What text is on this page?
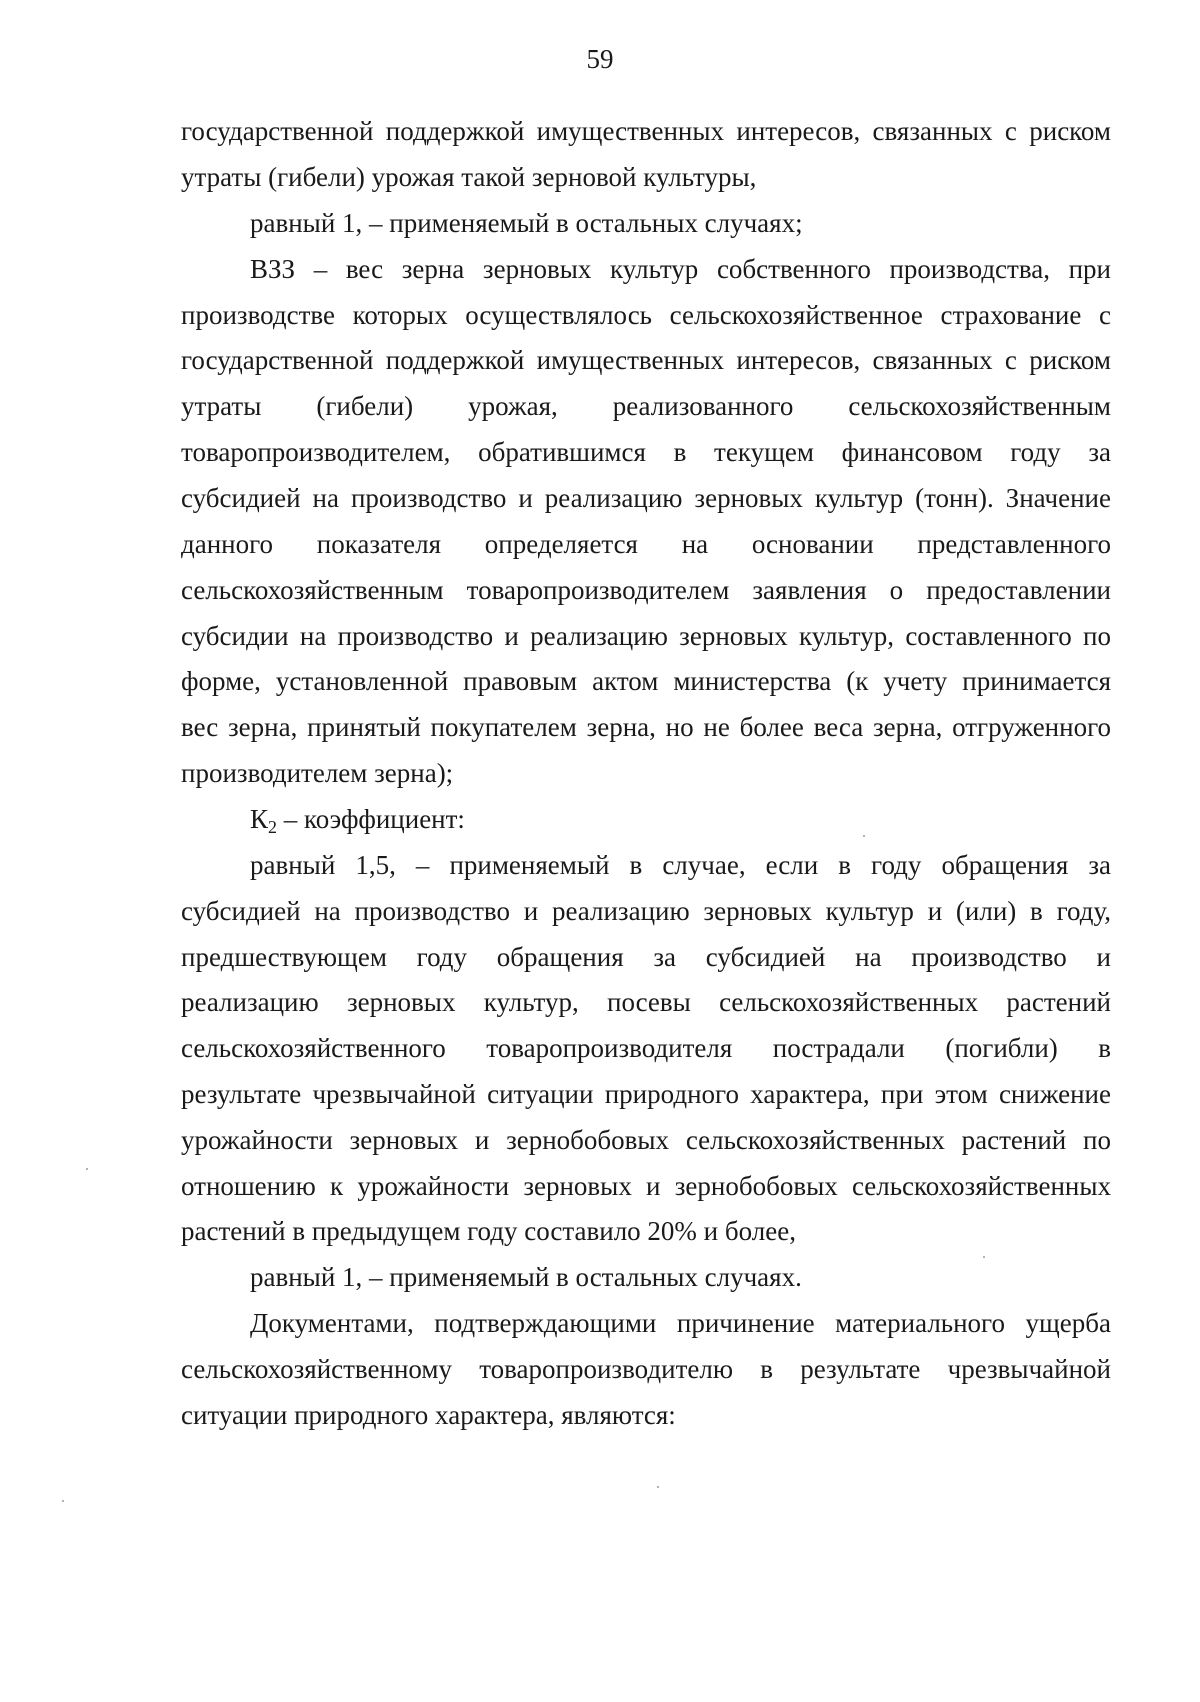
59
государственной поддержкой имущественных интересов, связанных с риском
утраты (гибели) урожая такой зерновой культуры,
равный 1, – применяемый в остальных случаях;
ВЗЗ – вес зерна зерновых культур собственного производства, при
производстве которых осуществлялось сельскохозяйственное страхование с
государственной поддержкой имущественных интересов, связанных с риском
утраты (гибели) урожая, реализованного сельскохозяйственным
товаропроизводителем, обратившимся в текущем финансовом году за
субсидией на производство и реализацию зерновых культур (тонн). Значение
данного показателя определяется на основании представленного
сельскохозяйственным товаропроизводителем заявления о предоставлении
субсидии на производство и реализацию зерновых культур, составленного по
форме, установленной правовым актом министерства (к учету принимается
вес зерна, принятый покупателем зерна, но не более веса зерна, отгруженного
производителем зерна);
$К_2$ – коэффициент:
равный 1,5, – применяемый в случае, если в году обращения за
субсидией на производство и реализацию зерновых культур и (или) в году,
предшествующем году обращения за субсидией на производство и
реализацию зерновых культур, посевы сельскохозяйственных растений
сельскохозяйственного товаропроизводителя пострадали (погибли) в
результате чрезвычайной ситуации природного характера, при этом снижение
урожайности зерновых и зернобобовых сельскохозяйственных растений по
отношению к урожайности зерновых и зернобобовых сельскохозяйственных
растений в предыдущем году составило 20% и более,
равный 1, – применяемый в остальных случаях.
Документами, подтверждающими причинение материального ущерба
сельскохозяйственному товаропроизводителю в результате чрезвычайной
ситуации природного характера, являются:
